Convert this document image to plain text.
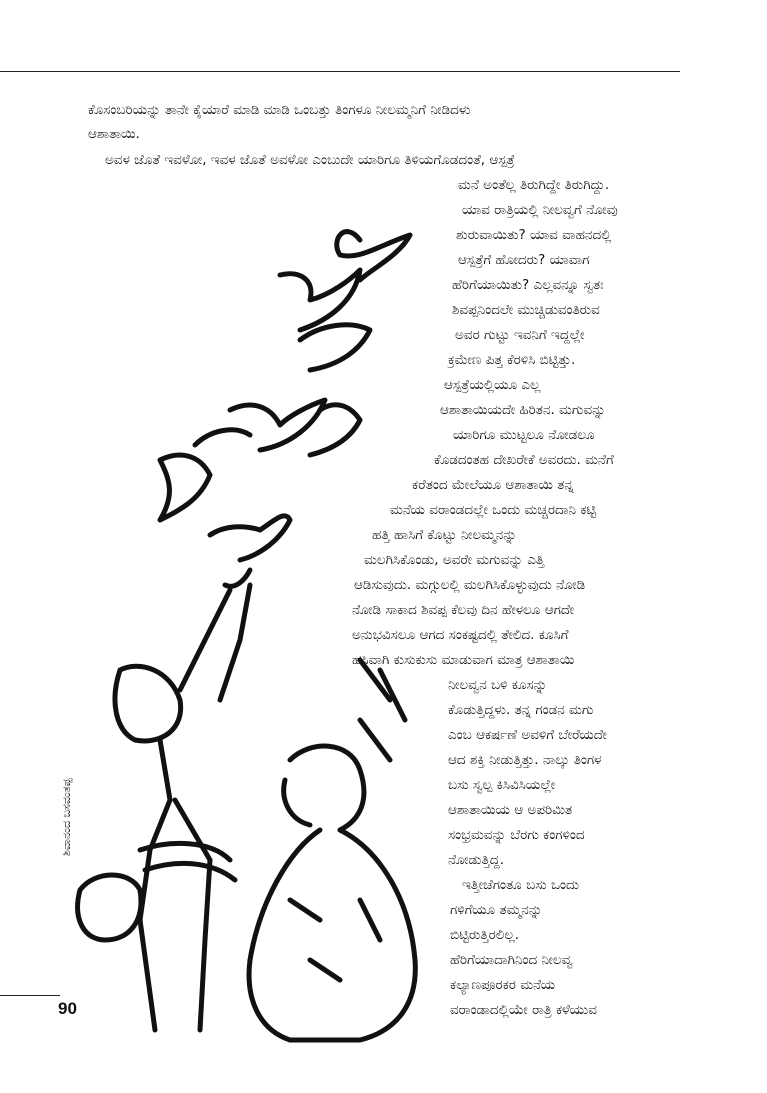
ಕೊಸಂಬರಿಯನ್ನು ತಾನೇ ಕೈಯಾರೆ ಮಾಡಿ ಮಾಡಿ ಒಂಬತ್ತು ತಿಂಗಳೂ ನೀಲಮ್ಮನಿಗೆ ನೀಡಿದಳು
ಆಶಾತಾಯಿ.
ಅವಳ ಜೊತೆ ಇವಳೋ, ಇವಳ ಜೊತೆ ಅವಳೋ ಎಂಬುದೇ ಯಾರಿಗೂ ತಿಳಿಯಗೊಡದಂತೆ, ಆಸ್ಪತ್ರೆ
ಮನೆ ಅಂತೆಲ್ಲ ತಿರುಗಿದ್ದೇ ತಿರುಗಿದ್ದು.
ಯಾವ ರಾತ್ರಿಯಲ್ಲಿ ನೀಲವ್ವಗೆ ನೋವು
ಶುರುವಾಯಿತು? ಯಾವ ವಾಹನದಲ್ಲಿ
ಆಸ್ಪತ್ರೆಗೆ ಹೋದರು? ಯಾವಾಗ
ಹೆರಿಗೆಯಾಯಿತು? ಎಲ್ಲವನ್ನೂ ಸ್ವತಃ
ಶಿವಪ್ಪನಿಂದಲೇ ಮುಚ್ಚಿಡುವಂತಿರುವ
ಅವರ ಗುಟ್ಟು ಇವನಿಗೆ ಇದ್ದಲ್ಲೇ
ಕ್ರಮೇಣ ಪಿತ್ತ ಕೆರಳಿಸಿ ಬಿಟ್ಟಿತ್ತು.
ಆಸ್ಪತ್ರೆಯಲ್ಲಿಯೂ ಎಲ್ಲ
ಆಶಾತಾಯಿಯದೇ ಹಿರಿತನ. ಮಗುವನ್ನು
ಯಾರಿಗೂ ಮುಟ್ಟಲೂ ನೋಡಲೂ
ಕೊಡದಂತಹ ದೇಖರೇಕೆ ಅವರದು. ಮನೆಗೆ
ಕರೆತಂದ ಮೇಲೆಯೂ ಆಶಾತಾಯಿ ತನ್ನ
ಮನೆಯ ವರಾಂಡದಲ್ಲೇ ಒಂದು ಮಚ್ಚರದಾನಿ ಕಟ್ಟಿ
ಹತ್ತಿ ಹಾಸಿಗೆ ಕೊಟ್ಟು ನೀಲಮ್ಮನನ್ನು
ಮಲಗಿಸಿಕೊಂಡು, ಅವರೇ ಮಗುವನ್ನು ಎತ್ತಿ
ಆಡಿಸುವುದು. ಮಗ್ಗುಲಲ್ಲಿ ಮಲಗಿಸಿಕೊಳ್ಳುವುದು ನೋಡಿ
ನೋಡಿ ಸಾಕಾದ ಶಿವಪ್ಪ ಕೆಲವು ದಿನ ಹೇಳಲೂ ಆಗದೇ
ಅನುಭವಿಸಲೂ ಆಗದ ಸಂಕಷ್ಟದಲ್ಲಿ ತೇಲಿದ. ಕೂಸಿಗೆ
ಹಸಿವಾಗಿ ಕುಸುಕುಸು ಮಾಡುವಾಗ ಮಾತ್ರ ಆಶಾತಾಯಿ
ನೀಲವ್ವನ ಬಳಿ ಕೂಸನ್ನು
ಕೊಡುತ್ತಿದ್ದಳು. ತನ್ನ ಗಂಡನ ಮಗು
ಎಂಬ ಆಕರ್ಷಣೆ ಅವಳಿಗೆ ಬೇರೆಯದೇ
ಆದ ಶಕ್ತಿ ನೀಡುತ್ತಿತ್ತು. ನಾಲ್ಕು ತಿಂಗಳ
ಬಸು ಸ್ವಲ್ಪ ಕಿಸಿವಿಸಿಯಲ್ಲೇ
ಆಶಾತಾಯಿಯ ಆ ಅಪರಿಮಿತ
ಸಂಭ್ರಮವನ್ನು ಬೆರಗು ಕಂಗಳಿಂದ
ನೋಡುತ್ತಿದ್ದ.
ಇತ್ತೀಚೆಗಂತೂ ಬಸು ಒಂದು
ಗಳಿಗೆಯೂ ತಮ್ಮನನ್ನು
ಬಿಟ್ಟಿರುತ್ತಿರಲಿಲ್ಲ.
ಹೆರಿಗೆಯಾದಾಗಿನಿಂದ ನೀಲವ್ವ
ಕಲ್ಯಾಣಪೂರಕರ ಮನೆಯ
ವರಾಂಡಾದಲ್ಲಿಯೇ ರಾತ್ರಿ ಕಳೆಯುವ
ಶಿವಾನಂದ ಬಸವಂತಪ್ಪ
90
